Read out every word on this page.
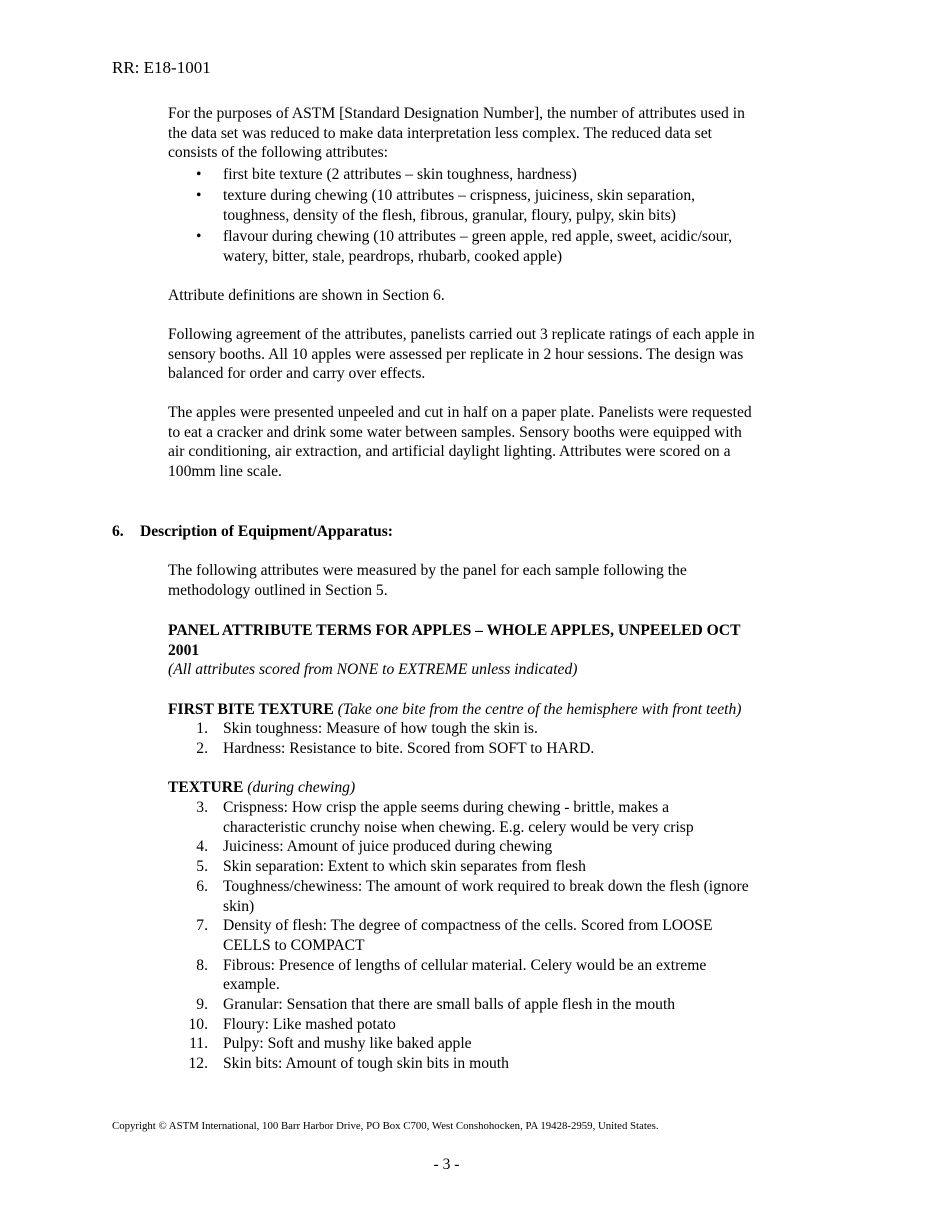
RR: E18-1001
For the purposes of ASTM [Standard Designation Number], the number of attributes used in
the data set was reduced to make data interpretation less complex. The reduced data set
consists of the following attributes:
• first bite texture (2 attributes – skin toughness, hardness)
• texture during chewing (10 attributes – crispness, juiciness, skin separation,
toughness, density of the flesh, fibrous, granular, floury, pulpy, skin bits)
• flavour during chewing (10 attributes – green apple, red apple, sweet, acidic/sour,
watery, bitter, stale, peardrops, rhubarb, cooked apple)
Attribute definitions are shown in Section 6.
Following agreement of the attributes, panelists carried out 3 replicate ratings of each apple in
sensory booths. All 10 apples were assessed per replicate in 2 hour sessions. The design was
balanced for order and carry over effects.
The apples were presented unpeeled and cut in half on a paper plate. Panelists were requested
to eat a cracker and drink some water between samples. Sensory booths were equipped with
air conditioning, air extraction, and artificial daylight lighting. Attributes were scored on a
100mm line scale.
6. Description of Equipment/Apparatus:
The following attributes were measured by the panel for each sample following the
methodology outlined in Section 5.
PANEL ATTRIBUTE TERMS FOR APPLES – WHOLE APPLES, UNPEELED OCT
2001
(All attributes scored from NONE to EXTREME unless indicated)
FIRST BITE TEXTURE (Take one bite from the centre of the hemisphere with front teeth)
1. Skin toughness: Measure of how tough the skin is.
2. Hardness: Resistance to bite. Scored from SOFT to HARD.
TEXTURE (during chewing)
3. Crispness: How crisp the apple seems during chewing - brittle, makes a
characteristic crunchy noise when chewing. E.g. celery would be very crisp
4. Juiciness: Amount of juice produced during chewing
5. Skin separation: Extent to which skin separates from flesh
6. Toughness/chewiness: The amount of work required to break down the flesh (ignore
skin)
7. Density of flesh: The degree of compactness of the cells. Scored from LOOSE
CELLS to COMPACT
8. Fibrous: Presence of lengths of cellular material. Celery would be an extreme
example.
9. Granular: Sensation that there are small balls of apple flesh in the mouth
10. Floury: Like mashed potato
11. Pulpy: Soft and mushy like baked apple
12. Skin bits: Amount of tough skin bits in mouth
Copyright © ASTM International, 100 Barr Harbor Drive, PO Box C700, West Conshohocken, PA 19428-2959, United States.
- 3 -
